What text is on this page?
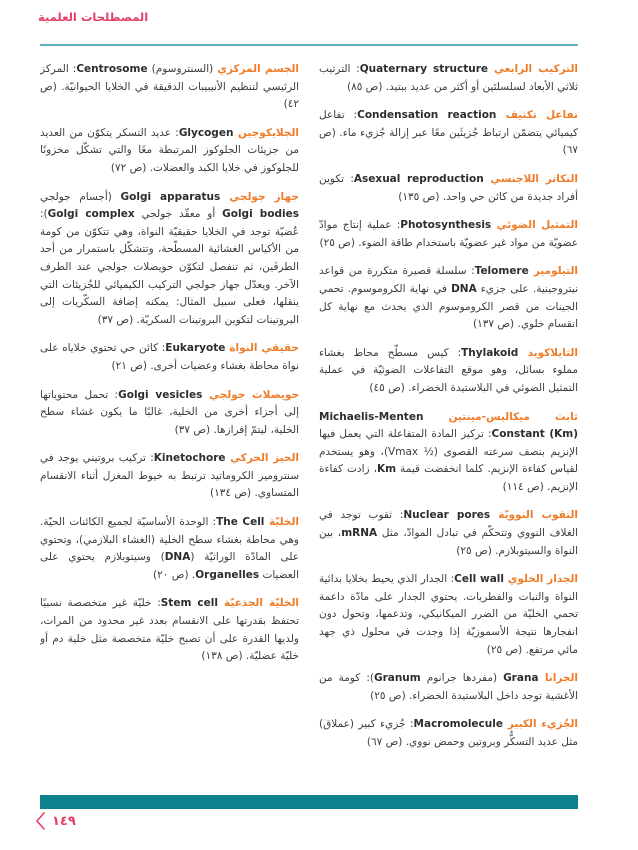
المصطلحات العلمية

التركيب الرابعي Quaternary structure: الترتيب ثلاثي الأبعاد لسلسلتَين أو أكثر من عديد ببتيد. (ص ٨٥)

تفاعل تكثيف Condensation reaction: تفاعل كيميائي يتضمّن ارتباط جُزيئَين معًا عبر إزالة جُزيء ماء. (ص ٦٧)

التكاثر اللاجنسي Asexual reproduction: تكوين أفراد جديدة من كائن حي واحد. (ص ١٣٥)

التمثيل الضوئي Photosynthesis: عملية إنتاج موادّ عضويّة من مواد غير عضويّة باستخدام طاقة الضوء. (ص ٢٥)

التيلومير Telomere: سلسلة قصيرة متكررة من قواعد نيتروجينية. على جزيء DNA في نهاية الكروموسوم. تحمي الجينات من قصر الكروموسوم الذي يحدث مع نهاية كل انقسام خلوي. (ص ١٣٧)

الثايلاكويد Thylakoid: كيس مسطّح محاط بغشاء مملوء بسائل، وهو موقع التفاعلات الضوئيّة في عملية التمثيل الضوئي في البلاستيدة الخضراء. (ص ٤٥)

ثابت ميكاليس-مينتين Michaelis-Menten Constant (Km): تركيز المادة المتفاعلة التي يعمل فيها الإنزيم بنصف سرعته القصوى (½ Vmax)، وهو يستخدم لقياس كفاءة الإنزيم. كلما انخفضت قيمة Km، زادت كفاءة الإنزيم. (ص ١١٤)

الثقوب النوويّة Nuclear pores: ثقوب توجد في الغلاف النووي وتتحكّم في تبادل الموادّ، مثل mRNA، بين النواة والسيتوبلازم. (ص ٢٥)

الجدار الخلوي Cell wall: الجدار الذي يحيط بخلايا بدائية النواة والنبات والفطريات. يحتوي الجدار على مادّة داعمة تحمي الخليّة من الضرر الميكانيكي، وتدعمها، وتحول دون انفجارها نتيجة الأسموزيّة إذا وجدت في محلول ذي جهد مائي مرتفع. (ص ٢٥)

الجرانا Grana (مفردها جرانوم Granum): كومة من الأغشية توجد داخل البلاستيدة الخضراء. (ص ٢٥)

الجُزيء الكبير Macromolecule: جُزيء كبير (عملاق) مثل عديد التسكُّر وبروتين وحمض نووي. (ص ٦٧)

الجسم المركزي (السنتروسوم) Centrosome: المركز الرئيسي لتنظيم الأنيبيبات الدقيقة في الخلايا الحيوانيّة. (ص ٤٢)

الجلايكوجين Glycogen: عديد التسكر يتكوّن من العديد من جزيئات الجلوكوز المرتبطة معًا والتي تشكّل مخزونًا للجلوكوز في خلايا الكبد والعضلات. (ص ٧٢)

جهاز جولجي Golgi apparatus (أجسام جولجي Golgi bodies أو معقّد جولجي Golgi complex): عُضيّة توجد في الخلايا حقيقيّة النواة، وهي تتكوّن من كومة من الأكياس الغشائية المسطّحة، وتتشكّل باستمرار من أحد الطرفَين، ثم تنفصل لتكوّن حويصلات جولجي عند الطرف الآخر. ويعدّل جهاز جولجي التركيب الكيميائي للجُزيئات التي ينقلها، فعلى سبيل المثال: يمكنه إضافة السكّريات إلى البروتينات لتكوين البروتينات السكريّة. (ص ٣٧)

حقيقي النواة Eukaryote: كائن حي تحتوي خلاياه على نواة محاطة بغشاء وعضيات أخرى. (ص ٢١)

حويصلات جولجي Golgi vesicles: تحمل محتوياتها إلى أجزاء أخرى من الخلية، غالبًا ما يكون غشاء سطح الخلية، ليتمّ إفرازها. (ص ٣٧)

الحيز الحركي Kinetochore: تركيب بروتيني يوجد في سنترومير الكروماتيد ترتبط به خيوط المغزل أثناء الانقسام المتساوي. (ص ١٣٤)

الخليّة The Cell: الوحدة الأساسيّة لجميع الكائنات الحيّة. وهي محاطة بغشاء سطح الخلية (الغشاء البلازمي)، وتحتوي على المادّة الوراثيّة (DNA) وسيتوبلازم يحتوي على العضيات Organelles. (ص ٢٠)

الخليّة الجذعيّة Stem cell: خليّة غير متخصصة نسبيًا تحتفظ بقدرتها على الانقسام بعدد غير محدود من المرات، ولديها القدرة على أن تصبح خليّة متخصصة مثل خلية دم أو خليّة عضليّة. (ص ١٣٨)

١٤٩
